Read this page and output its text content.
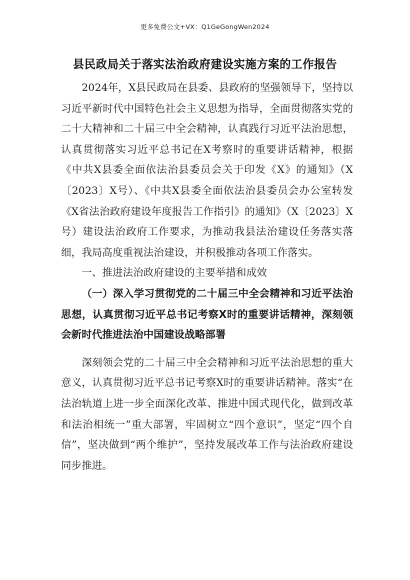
更多免费公文+VX：Q1GeGongWen2024
县民政局关于落实法治政府建设实施方案的工作报告

2024年，X县民政局在县委、县政府的坚强领导下，坚持以习近平新时代中国特色社会主义思想为指导，全面贯彻落实党的二十大精神和二十届三中全会精神，认真践行习近平法治思想，认真贯彻落实习近平总书记在X考察时的重要讲话精神，根据《中共X县委全面依法治县委员会关于印发《X》的通知》（X〔2023〕X号）、《中共X县委全面依法治县委员会办公室转发《X省法治政府建设年度报告工作指引》的通知》（X〔2023〕X号）建设法治政府工作要求，为推动我县法治建设任务落实落细，我局高度重视法治建设，并积极推动各项工作落实。

一、推进法治政府建设的主要举措和成效

（一）深入学习贯彻党的二十届三中全会精神和习近平法治思想，认真贯彻习近平总书记考察X时的重要讲话精神，深刻领会新时代推进法治中国建设战略部署

深刻领会党的二十届三中全会精神和习近平法治思想的重大意义，认真贯彻习近平总书记考察X时的重要讲话精神。落实“在法治轨道上进一步全面深化改革、推进中国式现代化，做到改革和法治相统一”重大部署，牢固树立“四个意识”，坚定“四个自信”，坚决做到“两个维护”，坚持发展改革工作与法治政府建设同步推进。
